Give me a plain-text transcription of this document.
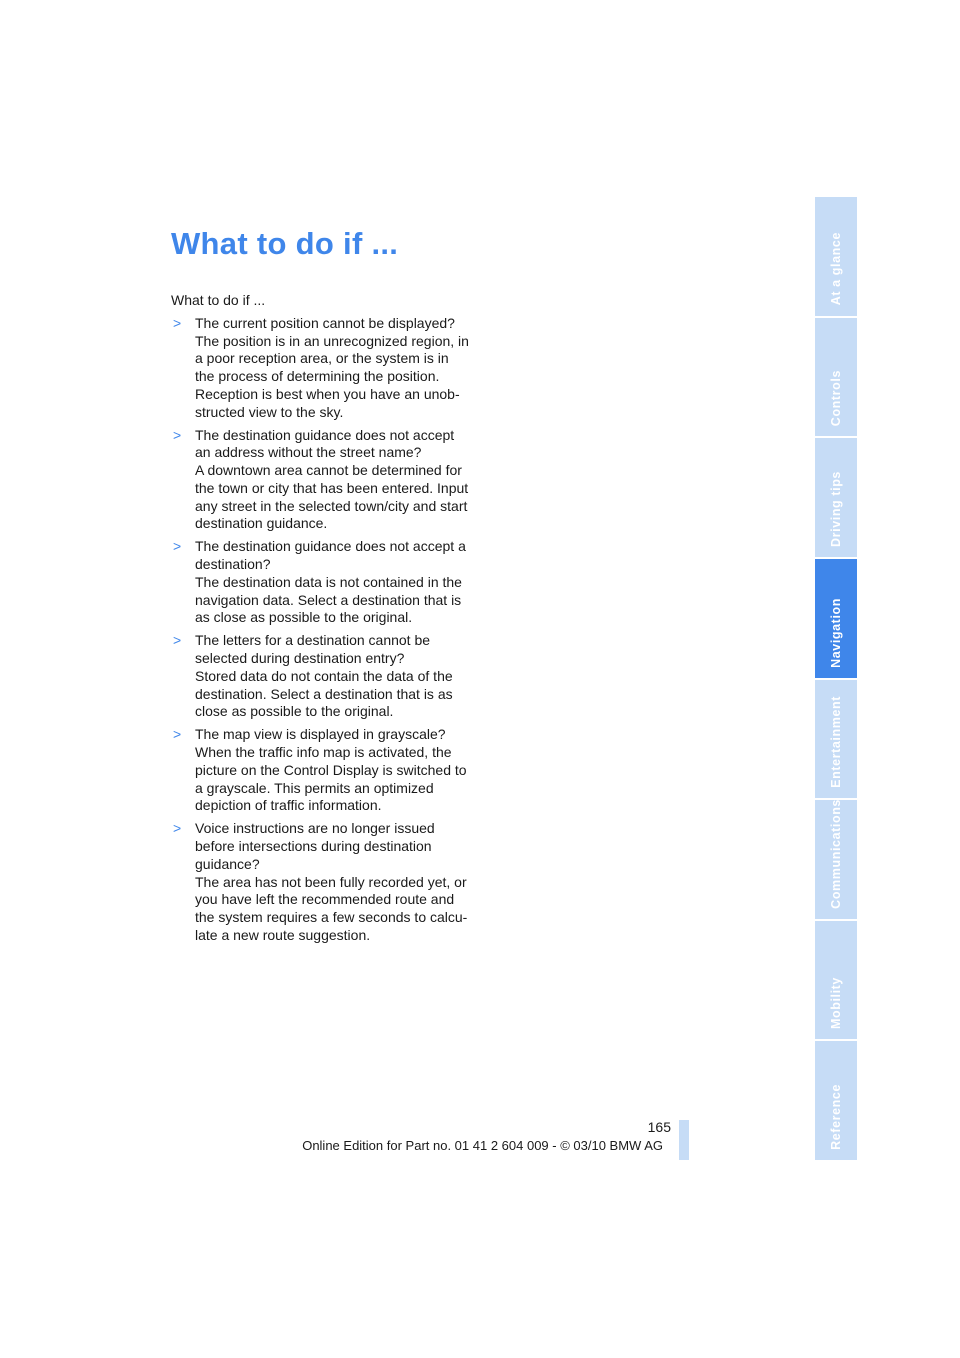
What to do if ...

What to do if ...

> The current position cannot be displayed?
The position is in an unrecognized region, in a poor reception area, or the system is in the process of determining the position. Reception is best when you have an unob- structed view to the sky.
> The destination guidance does not accept an address without the street name?
A downtown area cannot be determined for the town or city that has been entered. Input any street in the selected town/city and start destination guidance.
> The destination guidance does not accept a destination?
The destination data is not contained in the navigation data. Select a destination that is as close as possible to the original.
> The letters for a destination cannot be selected during destination entry?
Stored data do not contain the data of the destination. Select a destination that is as close as possible to the original.
> The map view is displayed in grayscale?
When the traffic info map is activated, the picture on the Control Display is switched to a grayscale. This permits an optimized depiction of traffic information.
> Voice instructions are no longer issued before intersections during destination guidance?
The area has not been fully recorded yet, or you have left the recommended route and the system requires a few seconds to calcu- late a new route suggestion.
At a glance
Controls
Driving tips
Navigation
Entertainment
Communications
Mobility
Reference
165
Online Edition for Part no. 01 41 2 604 009 - © 03/10 BMW AG
